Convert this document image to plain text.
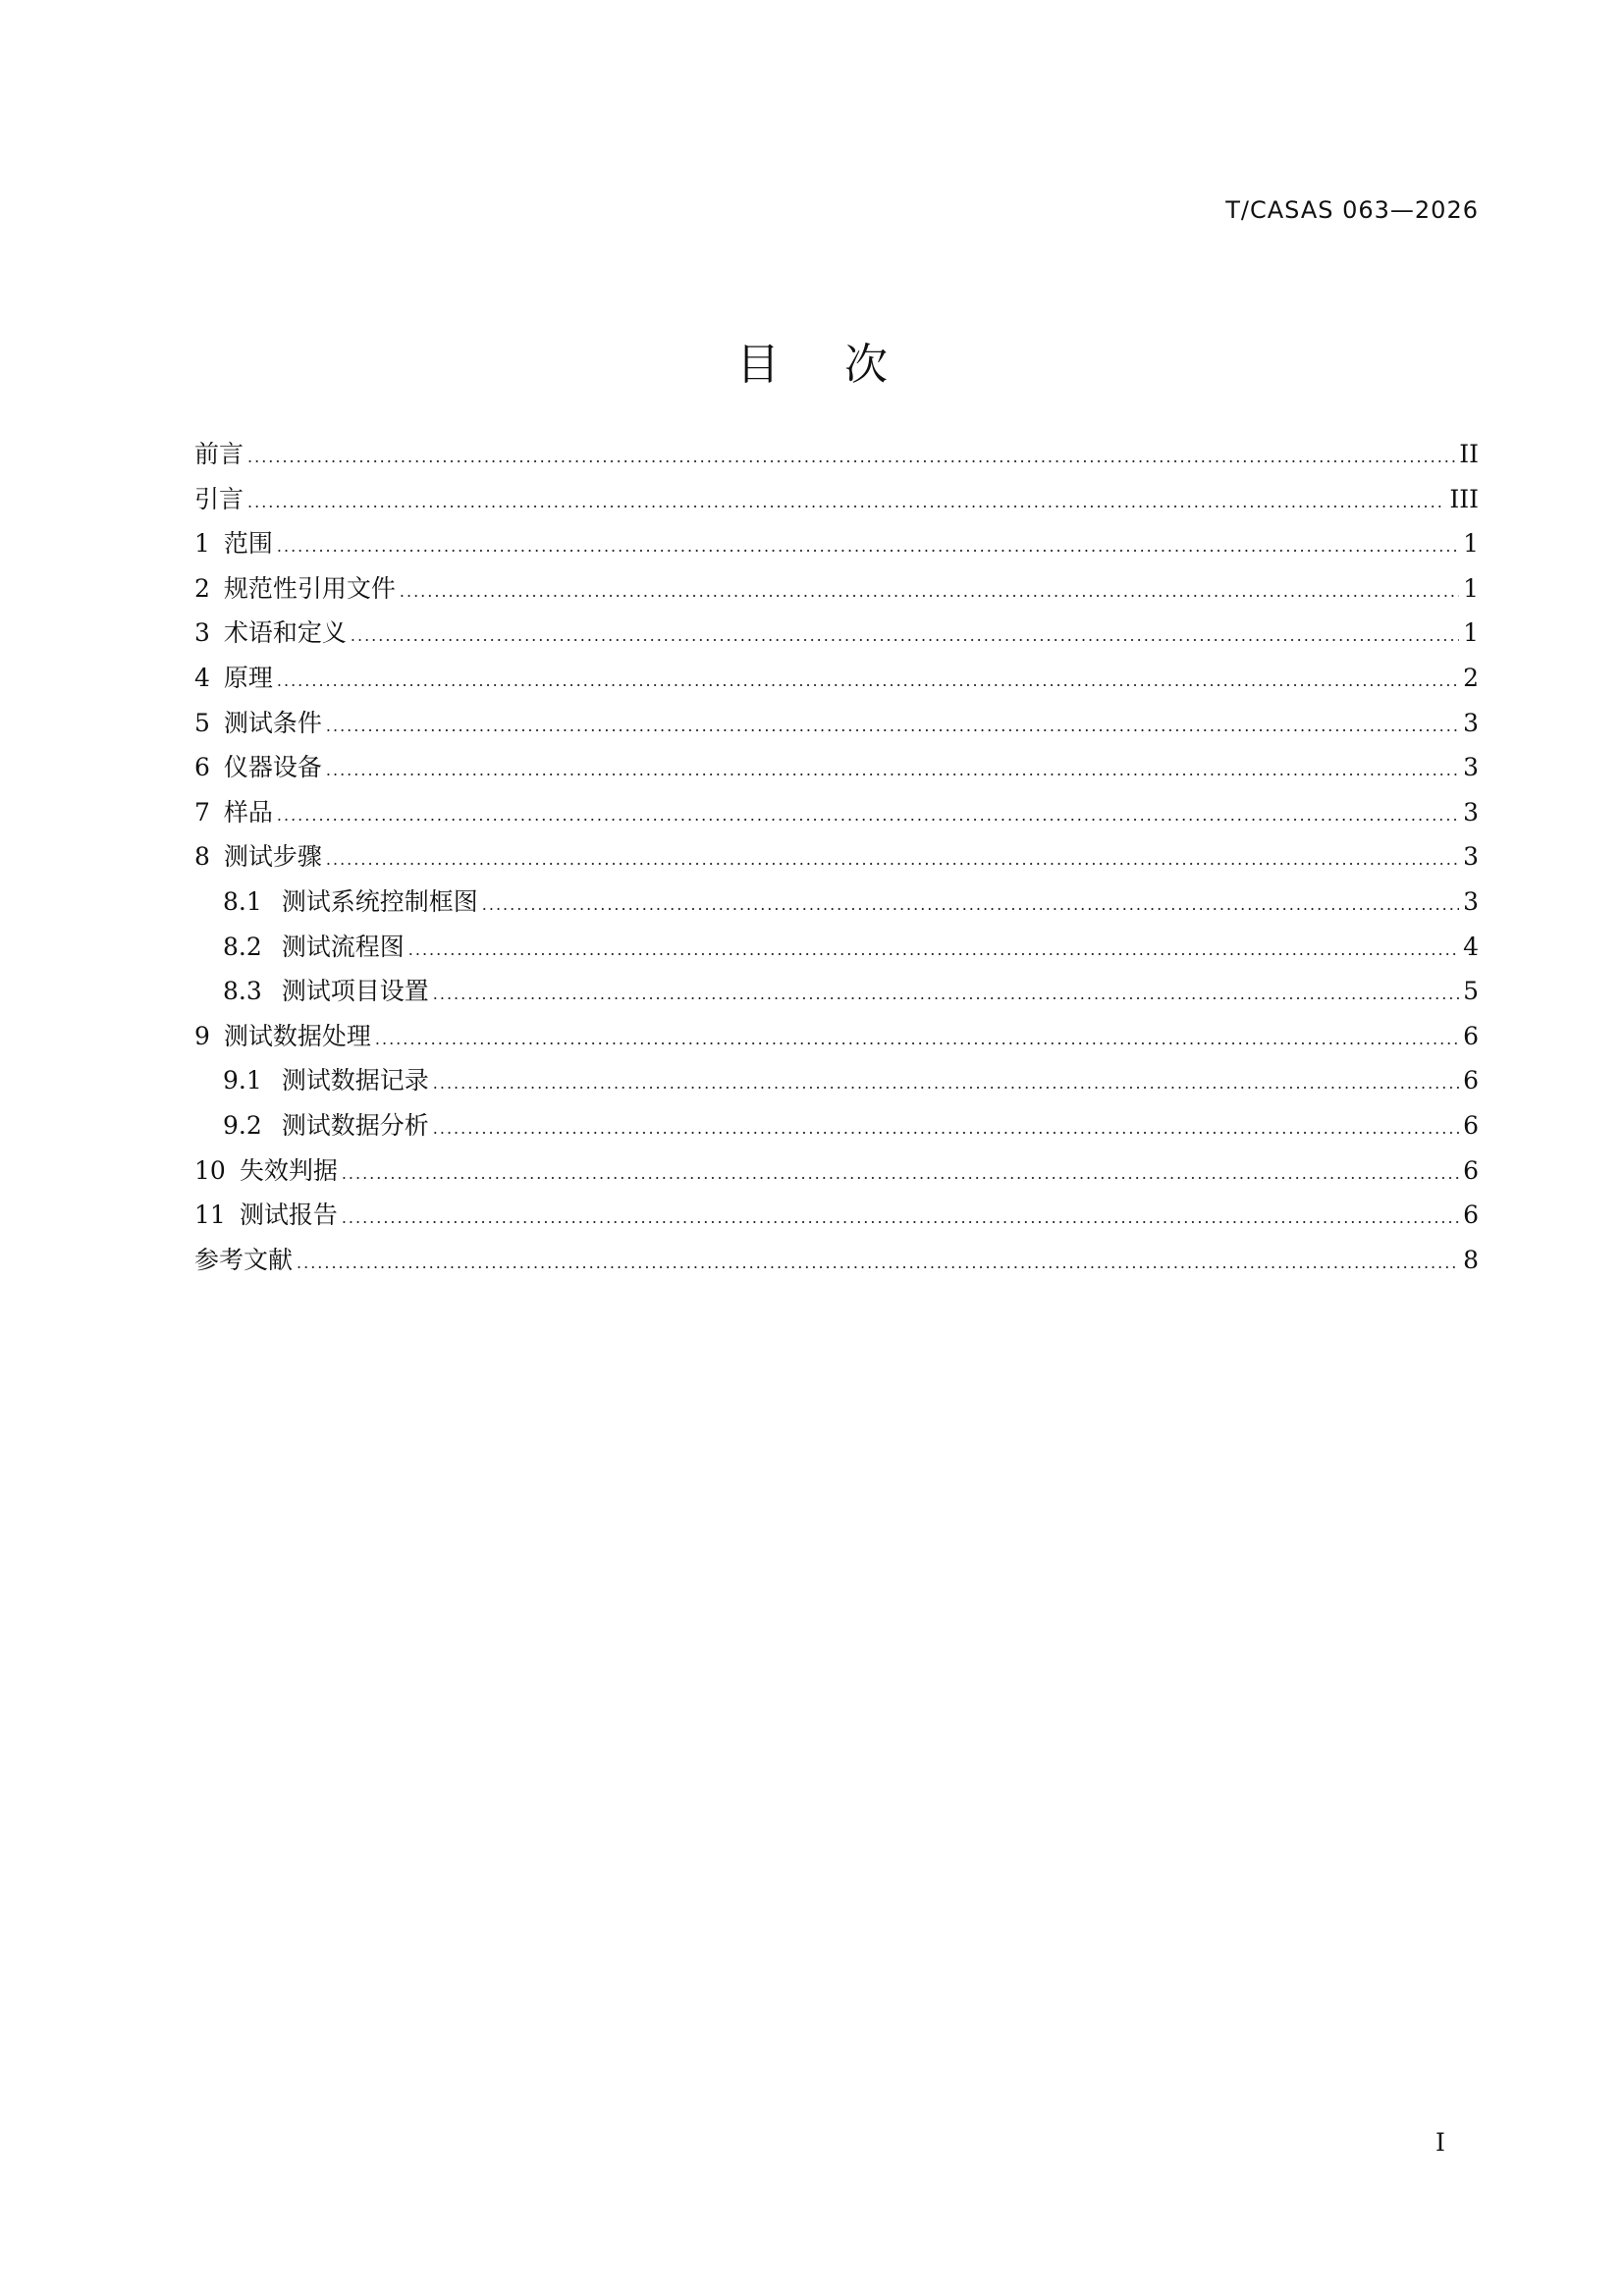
T/CASAS 063—2026
目次
前言 .....	II
引言 .....	III
1 范围 .....	1
2 规范性引用文件 .....	1
3 术语和定义 .....	1
4 原理 .....	2
5 测试条件 .....	3
6 仪器设备 .....	3
7 样品 .....	3
8 测试步骤 .....	3
8.1 测试系统控制框图 .....	3
8.2 测试流程图 .....	4
8.3 测试项目设置 .....	5
9 测试数据处理 .....	6
9.1 测试数据记录 .....	6
9.2 测试数据分析 .....	6
10 失效判据 .....	6
11 测试报告 .....	6
参考文献 .....	8
I
